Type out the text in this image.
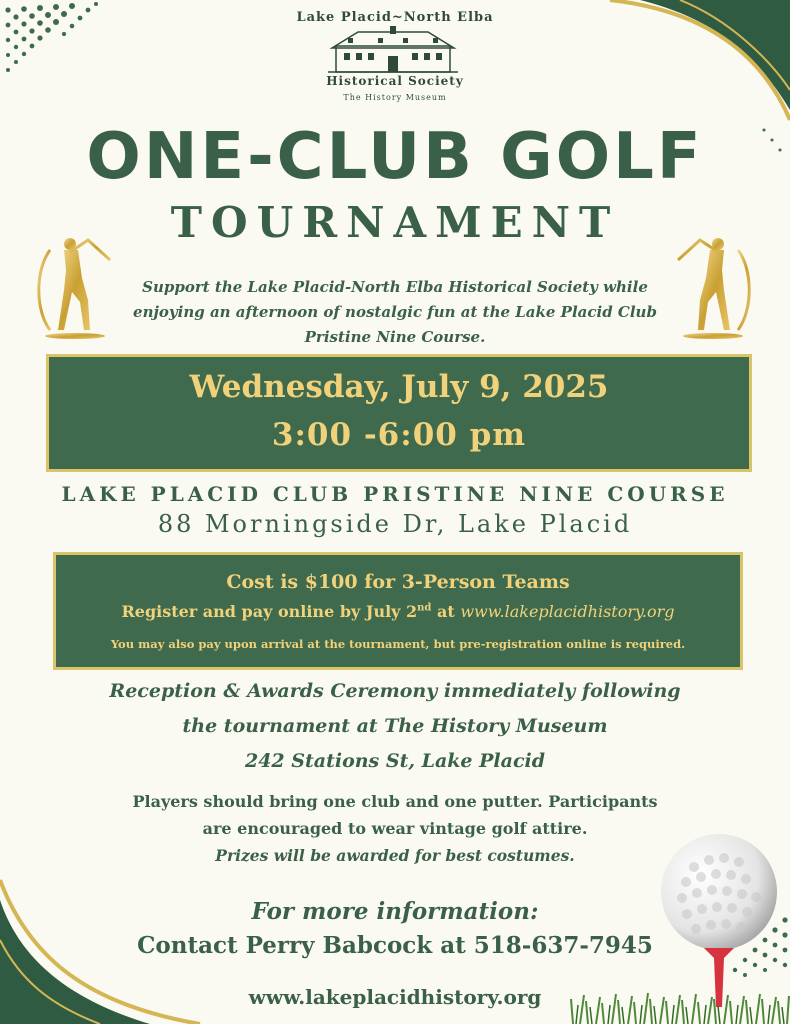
Lake Placid~North Elba
Historical Society
The History Museum
ONE-CLUB GOLF
TOURNAMENT
Support the Lake Placid-North Elba Historical Society while enjoying an afternoon of nostalgic fun at the Lake Placid Club Pristine Nine Course.
Wednesday, July 9, 2025
3:00 -6:00 pm
LAKE PLACID CLUB PRISTINE NINE COURSE
88 Morningside Dr, Lake Placid
Cost is $100 for 3-Person Teams
Register and pay online by July 2nd at www.lakeplacidhistory.org
You may also pay upon arrival at the tournament, but pre-registration online is required.
Reception & Awards Ceremony immediately following
the tournament at The History Museum
242 Stations St, Lake Placid
Players should bring one club and one putter. Participants
are encouraged to wear vintage golf attire.
Prizes will be awarded for best costumes.
For more information:
Contact Perry Babcock at 518-637-7945
www.lakeplacidhistory.org
